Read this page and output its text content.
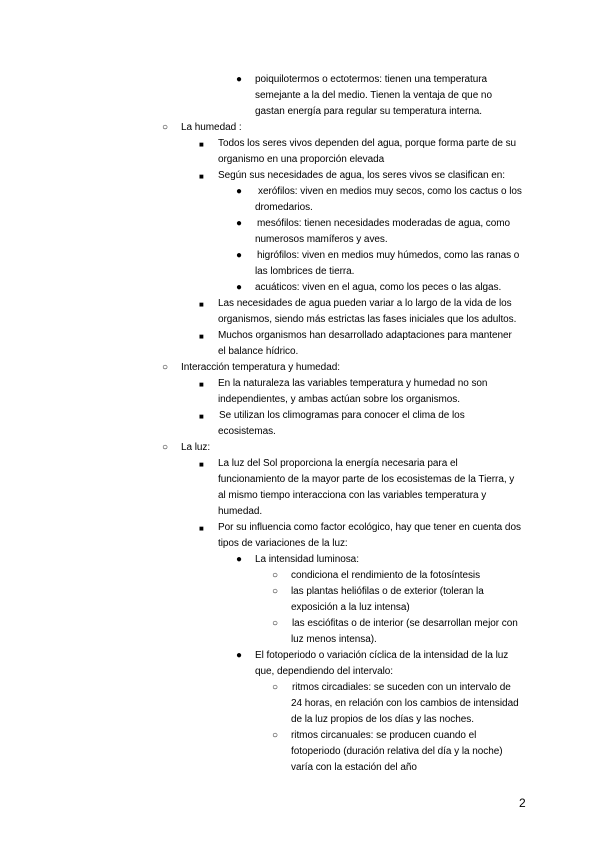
● poiquilotermos o ectotermos: tienen una temperatura
semejante a la del medio. Tienen la ventaja de que no
gastan energía para regular su temperatura interna.
○ La humedad :
■ Todos los seres vivos dependen del agua, porque forma parte de su
organismo en una proporción elevada
■ Según sus necesidades de agua, los seres vivos se clasifican en:
● xerófilos: viven en medios muy secos, como los cactus o los
dromedarios.
● mesófilos: tienen necesidades moderadas de agua, como
numerosos mamíferos y aves.
● higrófilos: viven en medios muy húmedos, como las ranas o
las lombrices de tierra.
● acuáticos: viven en el agua, como los peces o las algas.
■ Las necesidades de agua pueden variar a lo largo de la vida de los
organismos, siendo más estrictas las fases iniciales que los adultos.
■ Muchos organismos han desarrollado adaptaciones para mantener
el balance hídrico.
○ Interacción temperatura y humedad:
■ En la naturaleza las variables temperatura y humedad no son
independientes, y ambas actúan sobre los organismos.
■ Se utilizan los climogramas para conocer el clima de los
ecosistemas.
○ La luz:
■ La luz del Sol proporciona la energía necesaria para el
funcionamiento de la mayor parte de los ecosistemas de la Tierra, y
al mismo tiempo interacciona con las variables temperatura y
humedad.
■ Por su influencia como factor ecológico, hay que tener en cuenta dos
tipos de variaciones de la luz:
● La intensidad luminosa:
○ condiciona el rendimiento de la fotosíntesis
○ las plantas heliófilas o de exterior (toleran la
exposición a la luz intensa)
○ las esciófitas o de interior (se desarrollan mejor con
luz menos intensa).
● El fotoperiodo o variación cíclica de la intensidad de la luz
que, dependiendo del intervalo:
○ ritmos circadiales: se suceden con un intervalo de
24 horas, en relación con los cambios de intensidad
de la luz propios de los días y las noches.
○ ritmos circanuales: se producen cuando el
fotoperiodo (duración relativa del día y la noche)
varía con la estación del año
2
